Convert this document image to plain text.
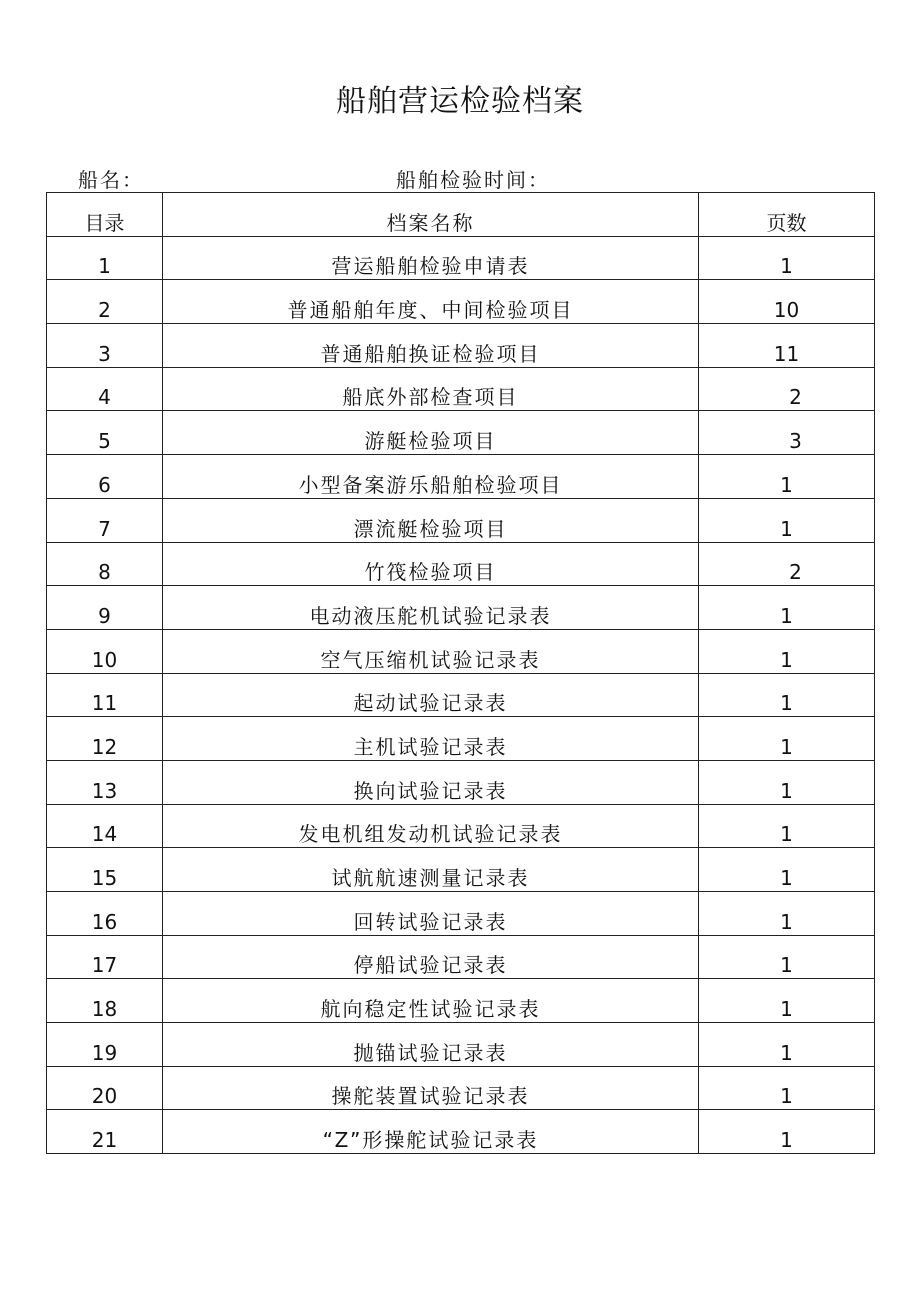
船舶营运检验档案
船名：	船舶检验时间：
目录	档案名称	页数

1	营运船舶检验申请表	1

2	普通船舶年度、中间检验项目	10

3	普通船舶换证检验项目	11

4	船底外部检查项目	2

5	游艇检验项目	3

6	小型备案游乐船舶检验项目	1

7	漂流艇检验项目	1

8	竹筏检验项目	2

9	电动液压舵机试验记录表	1

10	空气压缩机试验记录表	1

11	起动试验记录表	1

12	主机试验记录表	1

13	换向试验记录表	1

14	发电机组发动机试验记录表	1

15	试航航速测量记录表	1

16	回转试验记录表	1

17	停船试验记录表	1

18	航向稳定性试验记录表	1

19	抛锚试验记录表	1

20	操舵装置试验记录表	1

21	“Z”形操舵试验记录表	1
